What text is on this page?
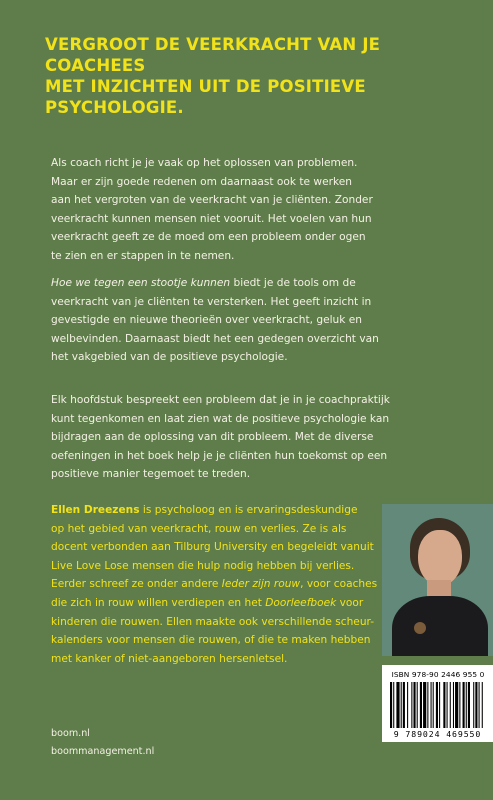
VERGROOT DE VEERKRACHT VAN JE COACHEES
MET INZICHTEN UIT DE POSITIEVE PSYCHOLOGIE.
Als coach richt je je vaak op het oplossen van problemen.
Maar er zijn goede redenen om daarnaast ook te werken
aan het vergroten van de veerkracht van je cliënten. Zonder
veerkracht kunnen mensen niet vooruit. Het voelen van hun
veerkracht geeft ze de moed om een probleem onder ogen
te zien en er stappen in te nemen.
Hoe we tegen een stootje kunnen biedt je de tools om de
veerkracht van je cliënten te versterken. Het geeft inzicht in
gevestigde en nieuwe theorieën over veerkracht, geluk en
welbevinden. Daarnaast biedt het een gedegen overzicht van
het vakgebied van de positieve psychologie.
Elk hoofdstuk bespreekt een probleem dat je in je coachpraktijk
kunt tegenkomen en laat zien wat de positieve psychologie kan
bijdragen aan de oplossing van dit probleem. Met de diverse
oefeningen in het boek help je je cliënten hun toekomst op een
positieve manier tegemoet te treden.
Ellen Dreezens is psycholoog en is ervaringsdeskundige
op het gebied van veerkracht, rouw en verlies. Ze is als
docent verbonden aan Tilburg University en begeleidt vanuit
Live Love Lose mensen die hulp nodig hebben bij verlies.
Eerder schreef ze onder andere Ieder zijn rouw, voor coaches
die zich in rouw willen verdiepen en het Doorleefboek voor
kinderen die rouwen. Ellen maakte ook verschillende scheur-
kalenders voor mensen die rouwen, of die te maken hebben
met kanker of niet-aangeboren hersenletsel.
ISBN 978-90 2446 955 0
9 789024 469550
boom.nl
boommanagement.nl
